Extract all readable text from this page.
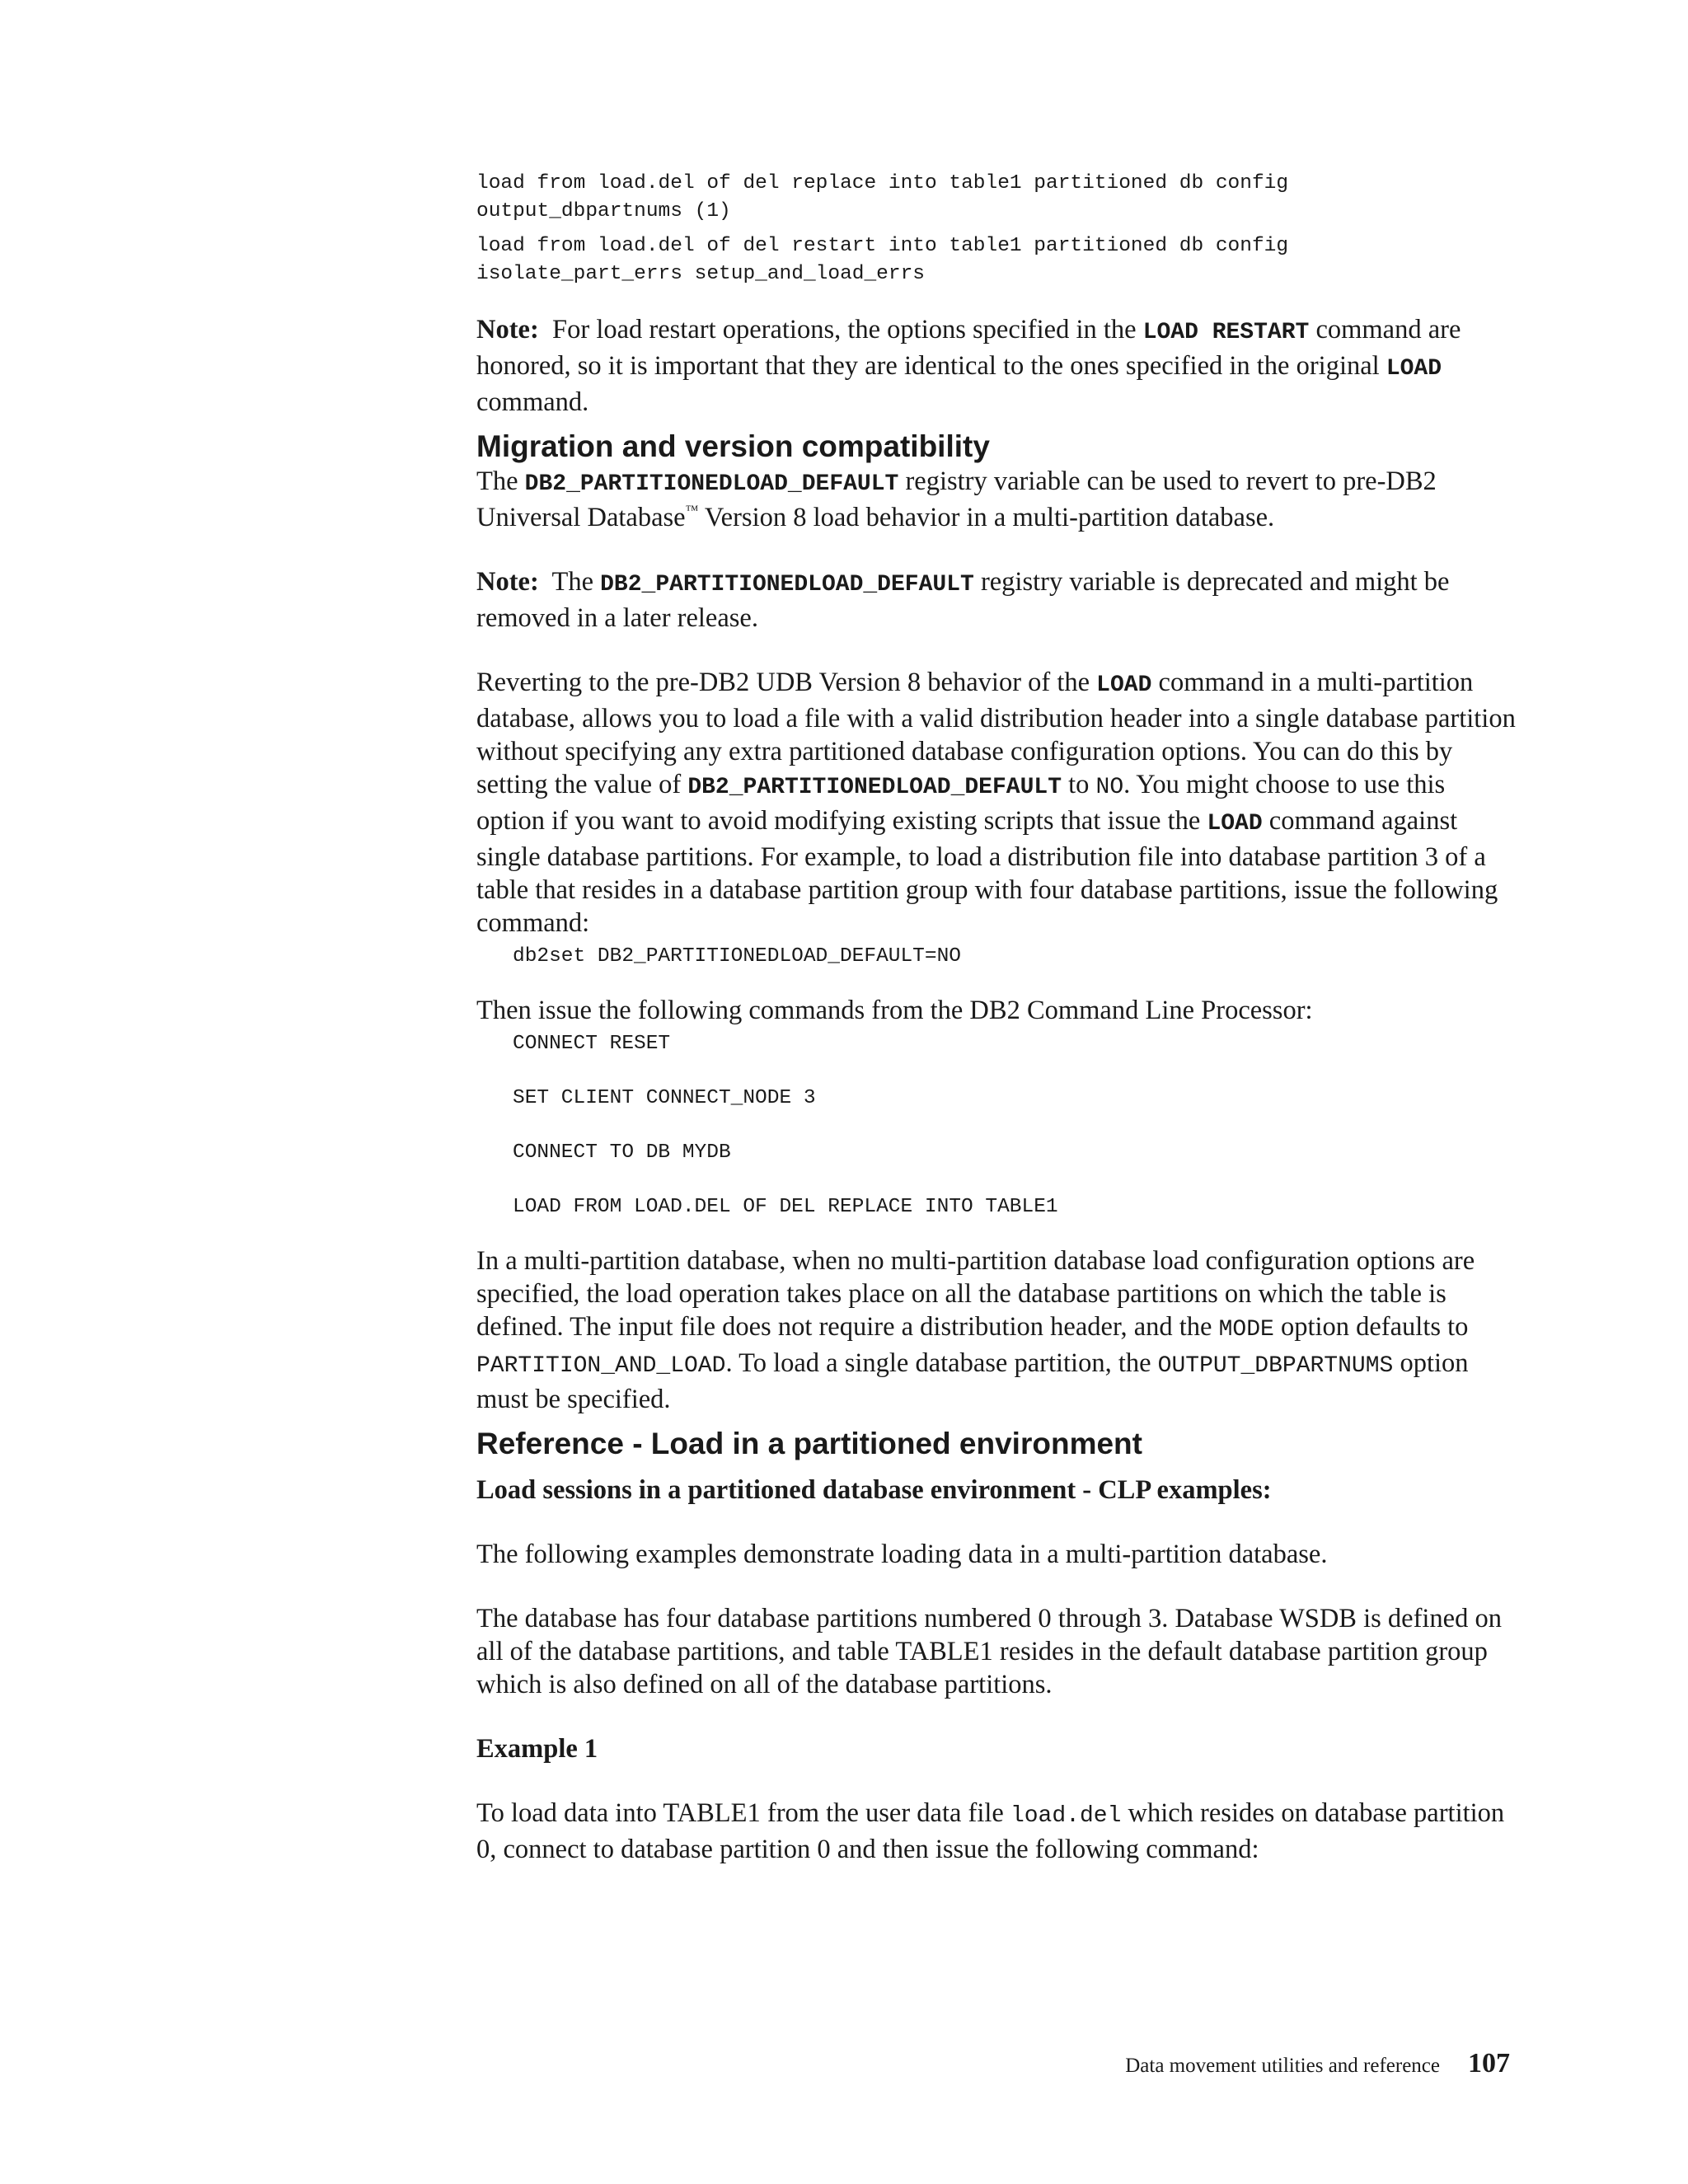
load from load.del of del replace into table1 partitioned db config
output_dbpartnums (1)
load from load.del of del restart into table1 partitioned db config
isolate_part_errs setup_and_load_errs

Note: For load restart operations, the options specified in the LOAD RESTART command are honored, so it is important that they are identical to the ones specified in the original LOAD command.

Migration and version compatibility

The DB2_PARTITIONEDLOAD_DEFAULT registry variable can be used to revert to pre-DB2 Universal Database™ Version 8 load behavior in a multi-partition database.

Note: The DB2_PARTITIONEDLOAD_DEFAULT registry variable is deprecated and might be removed in a later release.

Reverting to the pre-DB2 UDB Version 8 behavior of the LOAD command in a multi-partition database, allows you to load a file with a valid distribution header into a single database partition without specifying any extra partitioned database configuration options. You can do this by setting the value of DB2_PARTITIONEDLOAD_DEFAULT to NO. You might choose to use this option if you want to avoid modifying existing scripts that issue the LOAD command against single database partitions. For example, to load a distribution file into database partition 3 of a table that resides in a database partition group with four database partitions, issue the following command:

db2set DB2_PARTITIONEDLOAD_DEFAULT=NO

Then issue the following commands from the DB2 Command Line Processor:

CONNECT RESET
SET CLIENT CONNECT_NODE 3
CONNECT TO DB MYDB
LOAD FROM LOAD.DEL OF DEL REPLACE INTO TABLE1

In a multi-partition database, when no multi-partition database load configuration options are specified, the load operation takes place on all the database partitions on which the table is defined. The input file does not require a distribution header, and the MODE option defaults to PARTITION_AND_LOAD. To load a single database partition, the OUTPUT_DBPARTNUMS option must be specified.

Reference - Load in a partitioned environment

Load sessions in a partitioned database environment - CLP examples:

The following examples demonstrate loading data in a multi-partition database.

The database has four database partitions numbered 0 through 3. Database WSDB is defined on all of the database partitions, and table TABLE1 resides in the default database partition group which is also defined on all of the database partitions.

Example 1

To load data into TABLE1 from the user data file load.del which resides on database partition 0, connect to database partition 0 and then issue the following command:

Data movement utilities and reference 107
